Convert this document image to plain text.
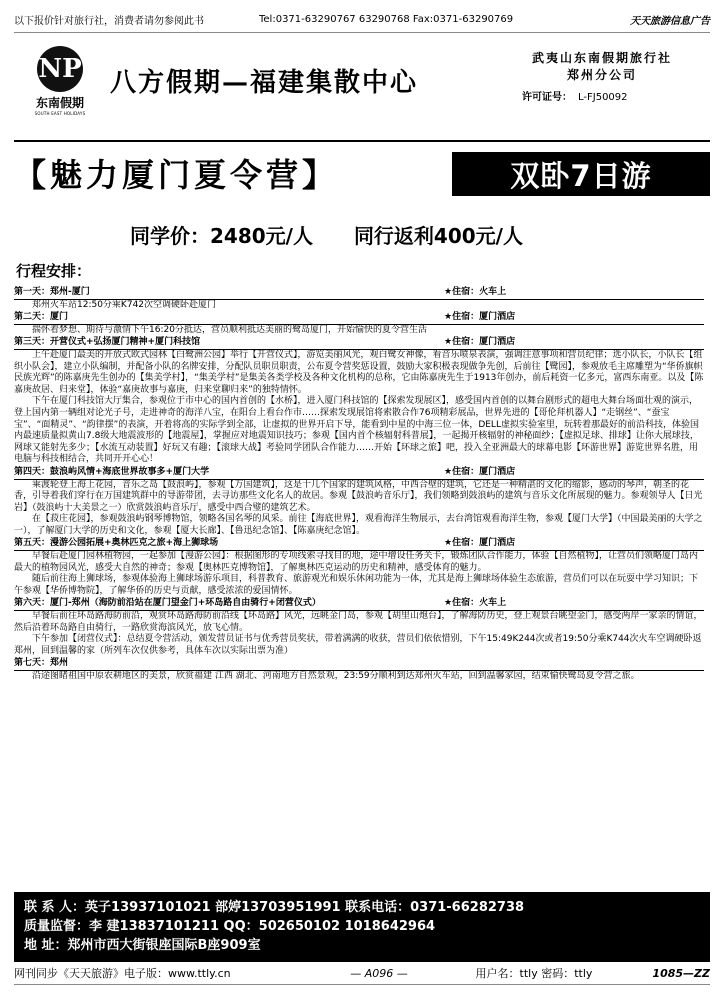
以下报价针对旅行社，消费者请勿参阅此书	Tel:0371-63290767 63290768 Fax:0371-63290769	天天旅游信息广告
NP
东南假期
SOUTH EAST HOLIDAYS
八方假期—福建集散中心
武夷山东南假期旅行社
郑州分公司
许可证号： L-FJ50092
【魅力厦门夏令营】	双卧7日游
同学价：2480元/人 同行返利400元/人
行程安排：
第一天：郑州-厦门	★住宿：火车上

郑州火车站12:50分乘K742次空调硬卧赴厦门

第二天：厦门	★住宿：厦门酒店

揣怀着梦想、期待与激情下午16:20分抵达，营员顺利抵达美丽的鹭岛厦门，开始愉快的夏令营生活

第三天：开营仪式+弘扬厦门精神+厦门科技馆	★住宿：厦门酒店

上午赴厦门最美的开放式欧式园林【白鹭洲公园】举行【开营仪式】，游览美丽风光，观白鹭女神像，看音乐喷泉表演，强调注意事项和营员纪律；选小队长，小队长【组织小队会】，建立小队编制，并配备小队的名牌安排，分配队员职员职责，公布夏令营奖惩设置，鼓励大家积极表现做争先创，后前往【鹭园】，参观放毛主席雕塑为“华侨旗帜 民族光辉”的陈嘉庚先生创办的【集美学村】，“集美学村”是集美各类学校及各种文化机构的总称，它由陈嘉庚先生于1913年创办，前后耗资一亿多元，富西东南亚。以及【陈嘉庚故居、归来堂】，体验“嘉庚故事与嘉庚，归来堂聊归来”的独特情怀。

下午在厦门科技馆大厅集合，参观位于市中心的国内首创的【水桥】，进入厦门科技馆的【探索发现展区】，感受国内首创的以舞台剧形式的超电大舞台场面壮观的演示，登上国内第一辆组对论光子号，走进神奇的海洋八宝，在阳台上看台作市……探索发现展馆将索散合作76项精彩展品，世界先进的【哥伦拜机器人】“走钢丝”、“蚕宝宝”、“面精灵”、“韵律摆”的表演，开着将高的实际学到全部，让虚拟的世界开启下导，能看到中星的中海三位一体，DELL虚拟实验室里，玩转着那最好的前沿科技，体验国内最速质量拟黄山7.8级大地震波形的【地震屋】，掌握应对地震知识技巧；参观【国内首个核辐射科普展】，一起揭开核辐射的神秘面纱；【虚拟足球、排球】让你大展球技，网球又能射先多少；【水流互动装置】好玩又有趣；【滚球大战】考验同学团队合作能力……开始【环球之旅】吧，投入全亚洲最大的球幕电影【环游世界】游览世界名胜，用电脑与科技相结合，共同开开心心！

第四天：鼓浪屿风情+海底世界故事多+厦门大学	★住宿：厦门酒店

乘渡轮登上海上花园，音乐之岛【鼓浪屿】，参观【万国建筑】，这是十几个国家的建筑风格，中西合壁的建筑，它还是一种精湛的文化的缩影，感动的琴声，朝圣的花香，引导着我们穿行在万国建筑群中的导游带团，去寻访那些文化名人的故居。参观【鼓浪屿音乐厅】，我们领略到鼓浪屿的建筑与音乐文化所展现的魅力。参观领导人【日光岩】（鼓浪屿十大美景之一）欣赏鼓浪屿音乐厅，感受中西合璧的建筑艺术。

在【菽庄花园】，参观鼓浪屿钢琴博物馆，领略各国名琴的风采。前往【海底世界】，观看海洋生物展示，去台湾馆观看海洋生物，参观【厦门大学】（中国最美丽的大学之一），了解厦门大学的历史和文化，参观【厦大长廊】、【鲁迅纪念馆】、【陈嘉庚纪念馆】。

第五天：漫游公园拓展+奥林匹克之旅+海上狮球场	★住宿：厦门酒店

早餐后赴厦门园林植物园，一起参加【漫游公园】：根据图形的专项线索寻找目的地，途中增设任务关卡，锻炼团队合作能力，体验【自然植物】，让营员们领略厦门岛内最大的植物园风光，感受大自然的神奇；参观【奥林匹克博物馆】，了解奥林匹克运动的历史和精神，感受体育的魅力。

随后前往海上狮球场，参观体验海上狮球场游乐项目，科普教育、旅游观光和娱乐休闲功能为一体，尤其是海上狮球场体验生态旅游，营员们可以在玩耍中学习知识；下午参观【华侨博物院】，了解华侨的历史与贡献，感受浓浓的爱国情怀。

第六天：厦门-郑州（海防前沿站在厦门望金门+环岛路自由骑行+闭营仪式）	★住宿：火车上

早餐后前往环岛路海防前沿，观赏环岛路海防前沿线【环岛路】风光，远眺金门岛，参观【胡里山炮台】，了解海防历史，登上观景台眺望金门，感受两岸一家亲的情谊，然后沿着环岛路自由骑行，一路欣赏海滨风光，放飞心情。

下午参加【闭营仪式】：总结夏令营活动，颁发营员证书与优秀营员奖状，带着满满的收获，营员们依依惜别，下午15:49K244次或者19:50分乘K744次火车空调硬卧返郑州，回到温馨的家（所列车次仅供参考，具体车次以实际出票为准）

第七天：郑州

沿途图睹祖国中原农耕地区的美景，欣赏福建 江西 湖北、河南地方自然景观，23:59分顺利到达郑州火车站，回到温馨家园，结束愉快鹭岛夏令营之旅。

联 系 人：英子13937101021 部婷13703951991 联系电话：0371-66282738
质量监督：李 建13837101211 QQ：502650102 1018642964
地 址：郑州市西大街银座国际B座909室
网刊同步《天天旅游》电子版：www.ttly.cn	— A096 —	用户名：ttly 密码：ttly	1085—ZZ
